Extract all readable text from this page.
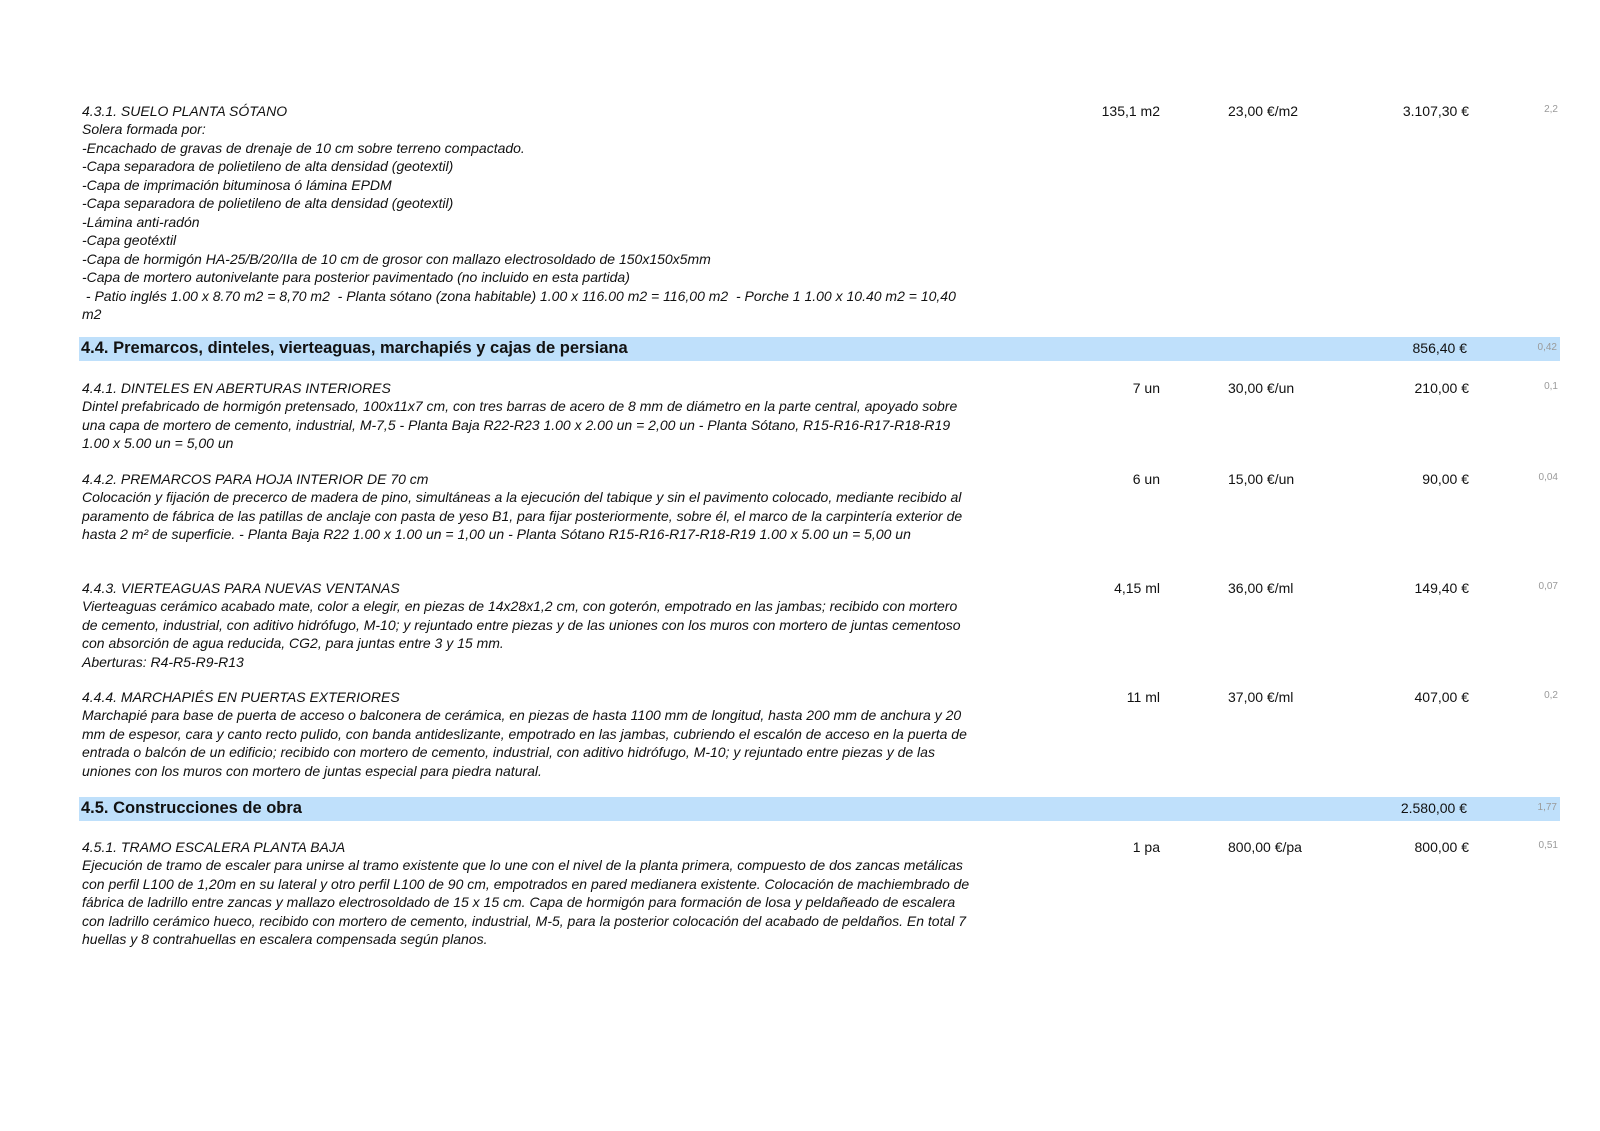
4.3.1. SUELO PLANTA SÓTANO	135,1 m2	23,00 €/m2	3.107,30 €	2,2

Solera formada por:

-Encachado de gravas de drenaje de 10 cm sobre terreno compactado.

-Capa separadora de polietileno de alta densidad (geotextil)

-Capa de imprimación bituminosa ó lámina EPDM

-Capa separadora de polietileno de alta densidad (geotextil)

-Lámina anti-radón

-Capa geotéxtil

-Capa de hormigón HA-25/B/20/IIa de 10 cm de grosor con mallazo electrosoldado de 150x150x5mm

-Capa de mortero autonivelante para posterior pavimentado (no incluido en esta partida)

- Patio inglés 1.00 x 8.70 m2 = 8,70 m2  - Planta sótano (zona habitable) 1.00 x 116.00 m2 = 116,00 m2  - Porche 1 1.00 x 10.40 m2 = 10,40

m2

4.4. Premarcos, dinteles, vierteaguas, marchapiés y cajas de persiana	856,40 €	0,42
4.4.1. DINTELES EN ABERTURAS INTERIORES	7 un	30,00 €/un	210,00 €	0,1

Dintel prefabricado de hormigón pretensado, 100x11x7 cm, con tres barras de acero de 8 mm de diámetro en la parte central, apoyado sobre

una capa de mortero de cemento, industrial, M-7,5 - Planta Baja R22-R23 1.00 x 2.00 un = 2,00 un - Planta Sótano, R15-R16-R17-R18-R19

1.00 x 5.00 un = 5,00 un

4.4.2. PREMARCOS PARA HOJA INTERIOR DE 70 cm	6 un	15,00 €/un	90,00 €	0,04

Colocación y fijación de precerco de madera de pino, simultáneas a la ejecución del tabique y sin el pavimento colocado, mediante recibido al

paramento de fábrica de las patillas de anclaje con pasta de yeso B1, para fijar posteriormente, sobre él, el marco de la carpintería exterior de

hasta 2 m² de superficie. - Planta Baja R22 1.00 x 1.00 un = 1,00 un - Planta Sótano R15-R16-R17-R18-R19 1.00 x 5.00 un = 5,00 un

4.4.3. VIERTEAGUAS PARA NUEVAS VENTANAS	4,15 ml	36,00 €/ml	149,40 €	0,07

Vierteaguas cerámico acabado mate, color a elegir, en piezas de 14x28x1,2 cm, con goterón, empotrado en las jambas; recibido con mortero

de cemento, industrial, con aditivo hidrófugo, M-10; y rejuntado entre piezas y de las uniones con los muros con mortero de juntas cementoso

con absorción de agua reducida, CG2, para juntas entre 3 y 15 mm.

Aberturas: R4-R5-R9-R13

4.4.4. MARCHAPIÉS EN PUERTAS EXTERIORES	11 ml	37,00 €/ml	407,00 €	0,2

Marchapié para base de puerta de acceso o balconera de cerámica, en piezas de hasta 1100 mm de longitud, hasta 200 mm de anchura y 20

mm de espesor, cara y canto recto pulido, con banda antideslizante, empotrado en las jambas, cubriendo el escalón de acceso en la puerta de

entrada o balcón de un edificio; recibido con mortero de cemento, industrial, con aditivo hidrófugo, M-10; y rejuntado entre piezas y de las

uniones con los muros con mortero de juntas especial para piedra natural.

4.5. Construcciones de obra	2.580,00 €	1,77
4.5.1. TRAMO ESCALERA PLANTA BAJA	1 pa	800,00 €/pa	800,00 €	0,51

Ejecución de tramo de escaler para unirse al tramo existente que lo une con el nivel de la planta primera, compuesto de dos zancas metálicas

con perfil L100 de 1,20m en su lateral y otro perfil L100 de 90 cm, empotrados en pared medianera existente. Colocación de machiembrado de

fábrica de ladrillo entre zancas y mallazo electrosoldado de 15 x 15 cm. Capa de hormigón para formación de losa y peldañeado de escalera

con ladrillo cerámico hueco, recibido con mortero de cemento, industrial, M-5, para la posterior colocación del acabado de peldaños. En total 7

huellas y 8 contrahuellas en escalera compensada según planos.
